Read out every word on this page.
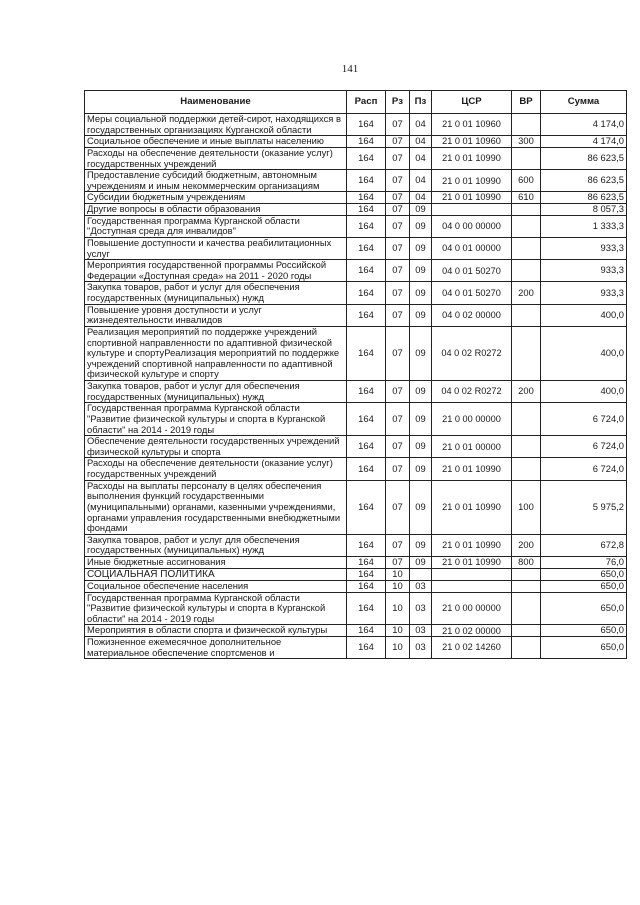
141
Наименование	Расп	Рз	Пз	ЦСР	ВР	Сумма
Меры социальной поддержки детей-сирот, находящихся в государственных организациях Курганской области	164	07	04	21 0 01 10960		4 174,0
Социальное обеспечение и иные выплаты населению	164	07	04	21 0 01 10960	300	4 174,0
Расходы на обеспечение деятельности (оказание услуг) государственных учреждений	164	07	04	21 0 01 10990		86 623,5
Предоставление субсидий бюджетным, автономным учреждениям и иным некоммерческим организациям	164	07	04	21 0 01 10990	600	86 623,5
Субсидии бюджетным учреждениям	164	07	04	21 0 01 10990	610	86 623,5
Другие вопросы в области образования	164	07	09			8 057,3
Государственная программа Курганской области "Доступная среда для инвалидов"	164	07	09	04 0 00 00000		1 333,3
Повышение доступности и качества реабилитационных услуг	164	07	09	04 0 01 00000		933,3
Мероприятия государственной программы Российской Федерации «Доступная среда» на 2011 - 2020 годы	164	07	09	04 0 01 50270		933,3
Закупка товаров, работ и услуг для обеспечения государственных (муниципальных) нужд	164	07	09	04 0 01 50270	200	933,3
Повышение уровня доступности и услуг жизнедеятельности инвалидов	164	07	09	04 0 02 00000		400,0
Реализация мероприятий по поддержке учреждений спортивной направленности по адаптивной физической культуре и спортуРеализация мероприятий по поддержке учреждений спортивной направленности по адаптивной физической культуре и спорту	164	07	09	04 0 02 R0272		400,0
Закупка товаров, работ и услуг для обеспечения государственных (муниципальных) нужд	164	07	09	04 0 02 R0272	200	400,0
Государственная программа Курганской области "Развитие физической культуры и спорта в Курганской области" на 2014 - 2019 годы	164	07	09	21 0 00 00000		6 724,0
Обеспечение деятельности государственных учреждений физической культуры и спорта	164	07	09	21 0 01 00000		6 724,0
Расходы на обеспечение деятельности (оказание услуг) государственных учреждений	164	07	09	21 0 01 10990		6 724,0
Расходы на выплаты персоналу в целях обеспечения выполнения функций государственными (муниципальными) органами, казенными учреждениями, органами управления государственными внебюджетными фондами	164	07	09	21 0 01 10990	100	5 975,2
Закупка товаров, работ и услуг для обеспечения государственных (муниципальных) нужд	164	07	09	21 0 01 10990	200	672,8
Иные бюджетные ассигнования	164	07	09	21 0 01 10990	800	76,0
СОЦИАЛЬНАЯ ПОЛИТИКА	164	10				650,0
Социальное обеспечение населения	164	10	03			650,0
Государственная программа Курганской области "Развитие физической культуры и спорта в Курганской области" на 2014 - 2019 годы	164	10	03	21 0 00 00000		650,0
Мероприятия в области спорта и физической культуры	164	10	03	21 0 02 00000		650,0
Пожизненное ежемесячное дополнительное материальное обеспечение спортсменов и	164	10	03	21 0 02 14260		650,0
